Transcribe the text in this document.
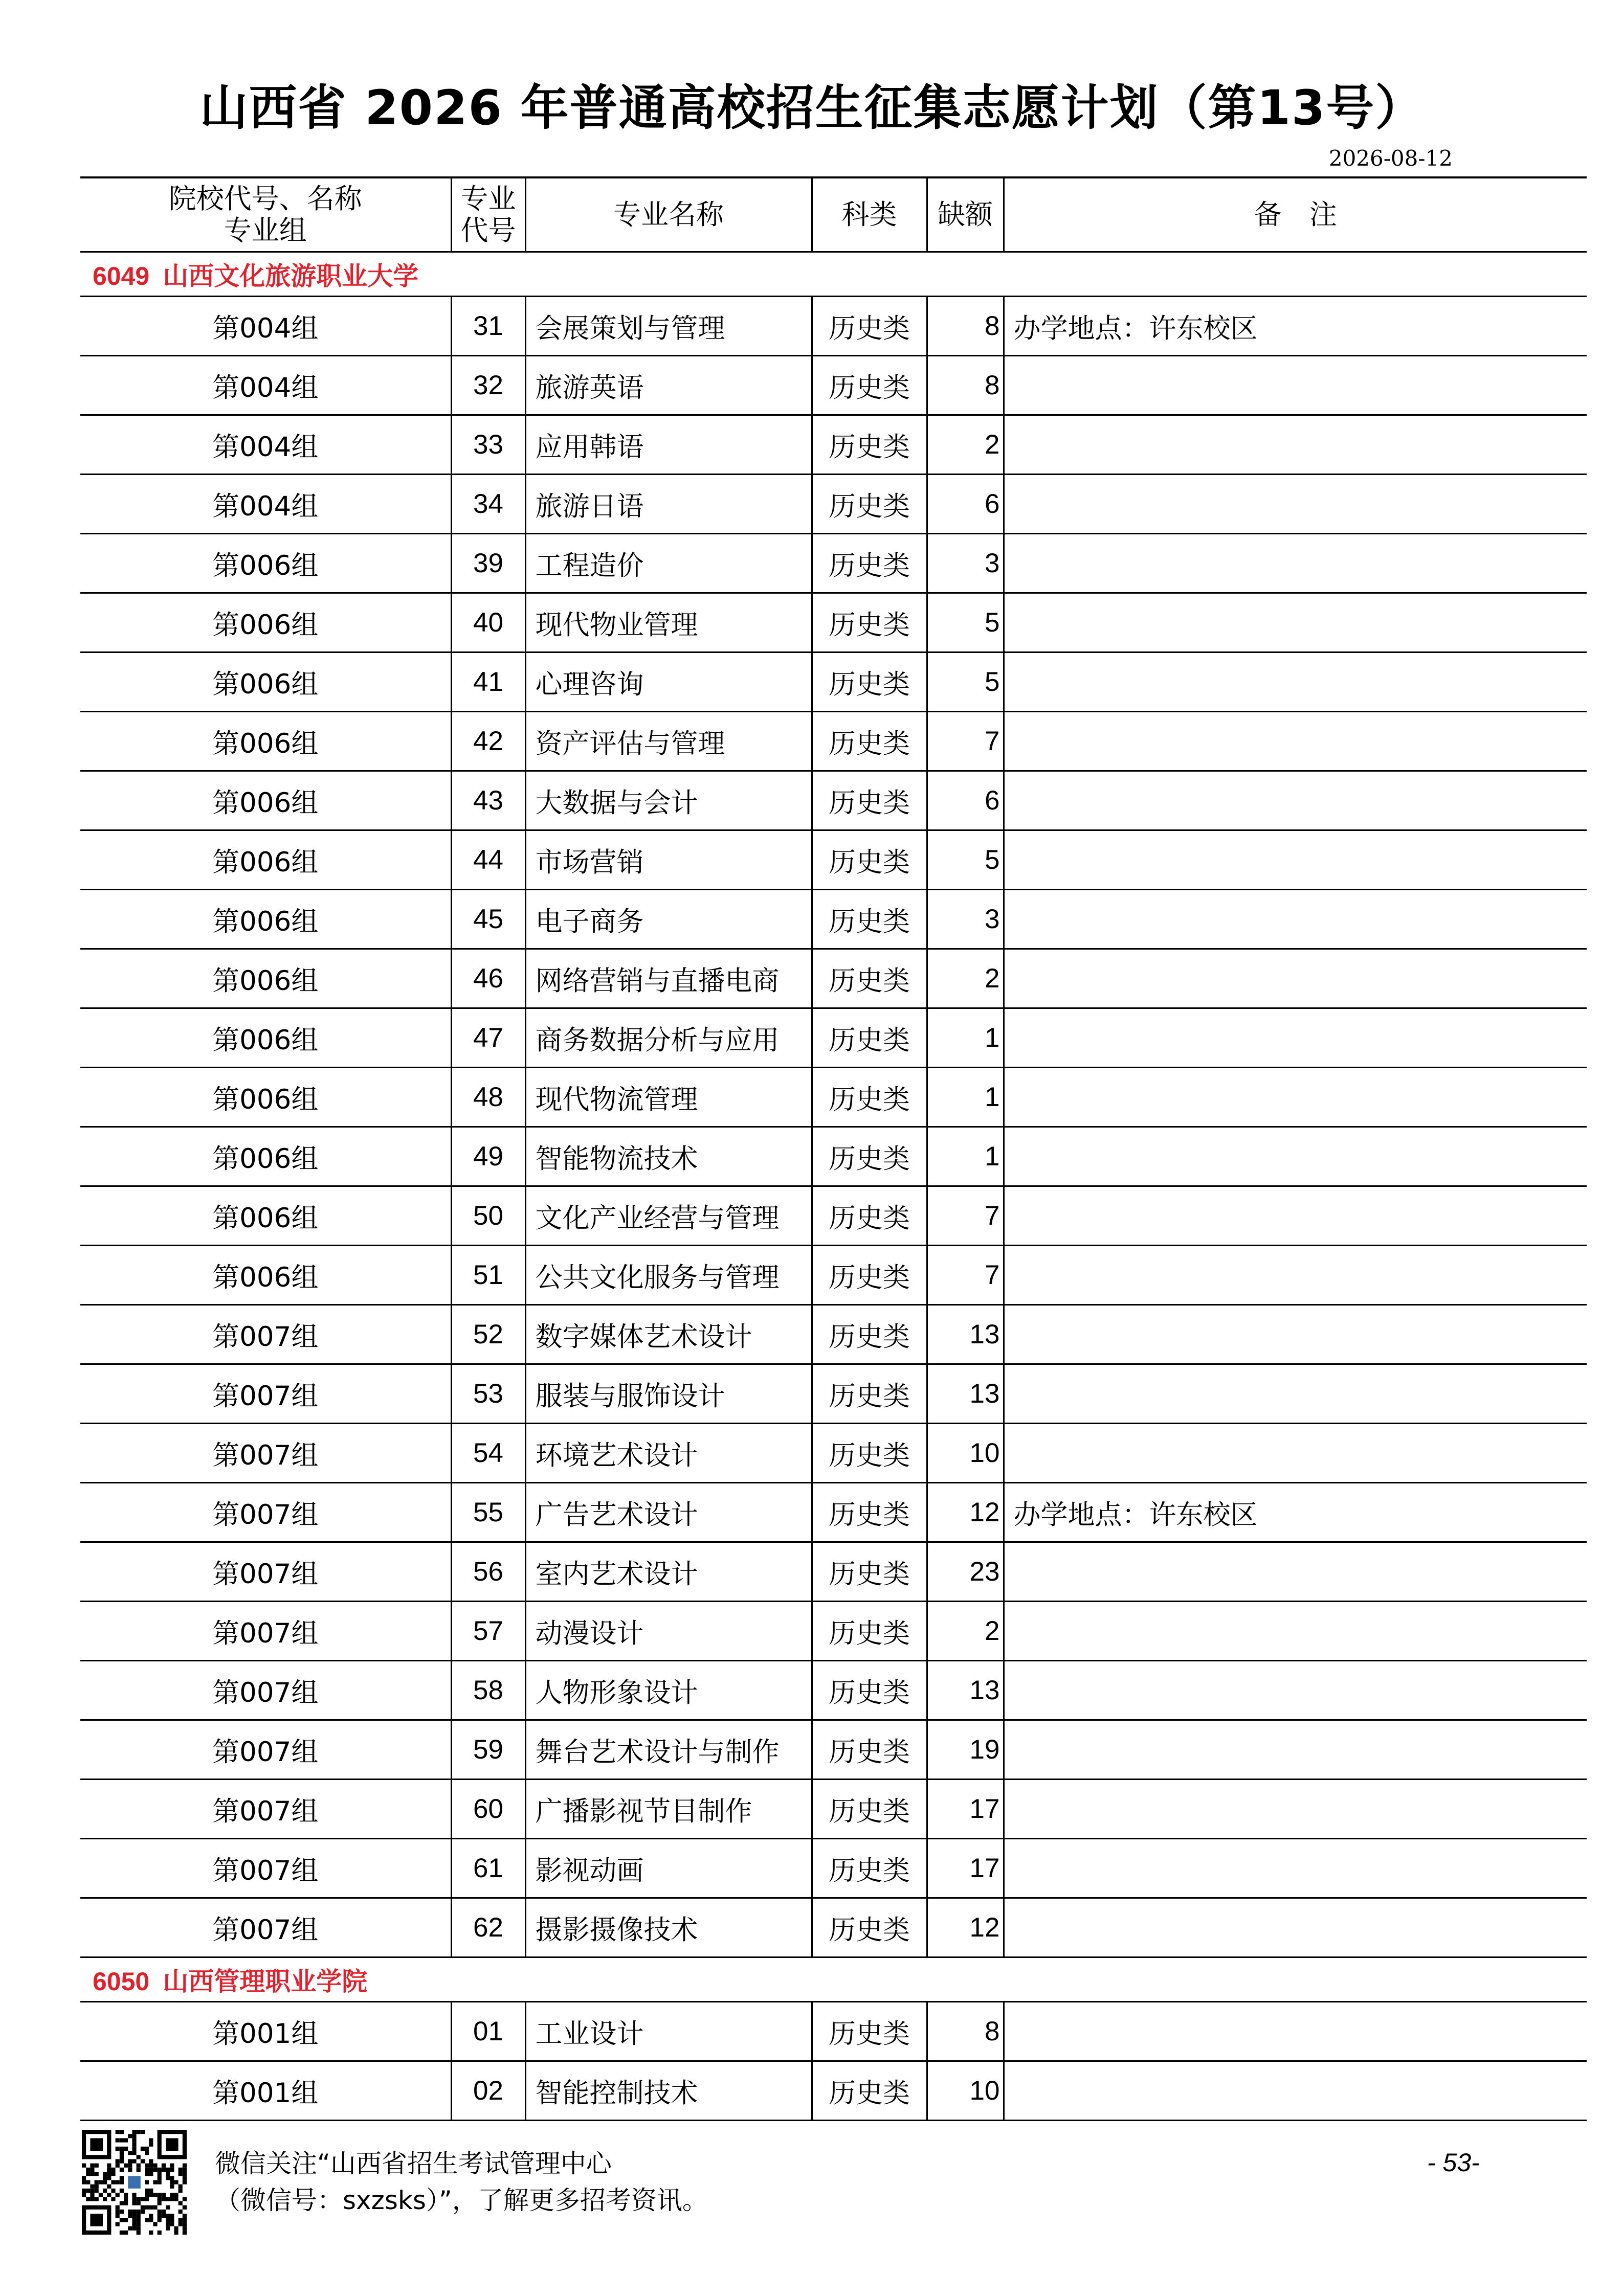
山西省 2026 年普通高校招生征集志愿计划（第13号）
2026-08-12
院校代号、名称
专业组	专业代号	专业名称	科类	缺额	备　注
6049 山西文化旅游职业大学					
第004组	31	会展策划与管理	历史类	8	办学地点：许东校区
第004组	32	旅游英语	历史类	8	
第004组	33	应用韩语	历史类	2	
第004组	34	旅游日语	历史类	6	
第006组	39	工程造价	历史类	3	
第006组	40	现代物业管理	历史类	5	
第006组	41	心理咨询	历史类	5	
第006组	42	资产评估与管理	历史类	7	
第006组	43	大数据与会计	历史类	6	
第006组	44	市场营销	历史类	5	
第006组	45	电子商务	历史类	3	
第006组	46	网络营销与直播电商	历史类	2	
第006组	47	商务数据分析与应用	历史类	1	
第006组	48	现代物流管理	历史类	1	
第006组	49	智能物流技术	历史类	1	
第006组	50	文化产业经营与管理	历史类	7	
第006组	51	公共文化服务与管理	历史类	7	
第007组	52	数字媒体艺术设计	历史类	13	
第007组	53	服装与服饰设计	历史类	13	
第007组	54	环境艺术设计	历史类	10	
第007组	55	广告艺术设计	历史类	12	办学地点：许东校区
第007组	56	室内艺术设计	历史类	23	
第007组	57	动漫设计	历史类	2	
第007组	58	人物形象设计	历史类	13	
第007组	59	舞台艺术设计与制作	历史类	19	
第007组	60	广播影视节目制作	历史类	17	
第007组	61	影视动画	历史类	17	
第007组	62	摄影摄像技术	历史类	12	
6050 山西管理职业学院					
第001组	01	工业设计	历史类	8	
第001组	02	智能控制技术	历史类	10	
微信关注“山西省招生考试管理中心
（微信号：sxzsks）”，了解更多招考资讯。
- 53-
